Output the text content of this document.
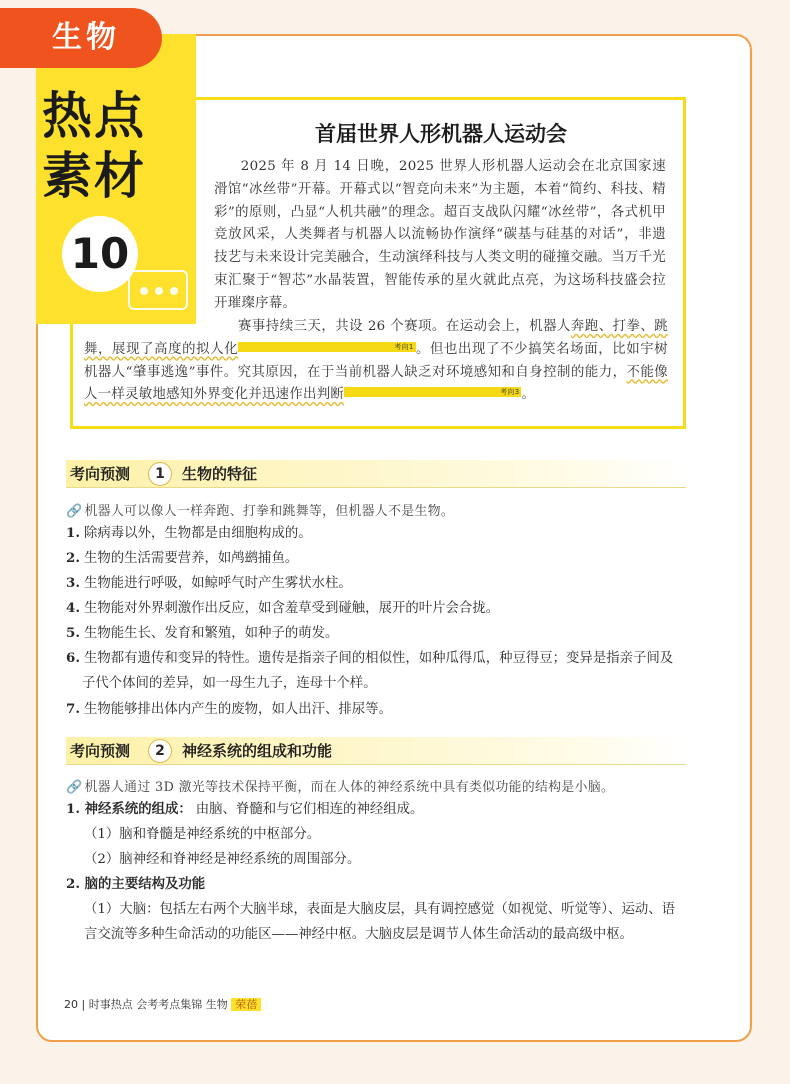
生物
热点
素材
10
首届世界人形机器人运动会
2025 年 8 月 14 日晚，2025 世界人形机器人运动会在北京国家速滑馆“冰丝带”开幕。开幕式以“智竞向未来”为主题，本着“简约、科技、精彩”的原则，凸显“人机共融”的理念。超百支战队闪耀“冰丝带”，各式机甲竞放风采，人类舞者与机器人以流畅协作演绎“碳基与硅基的对话”，非遗技艺与未来设计完美融合，生动演绎科技与人类文明的碰撞交融。当万千光束汇聚于“智芯”水晶装置，智能传承的星火就此点亮，为这场科技盛会拉开璀璨序幕。
赛事持续三天，共设 26 个赛项。在运动会上，机器人奔跑、打拳、跳舞，展现了高度的拟人化	考向1 。但也出现了不少搞笑名场面，比如宇树机器人“肇事逃逸”事件。究其原因，在于当前机器人缺乏对环境感知和自身控制的能力，不能像人一样灵敏地感知外界变化并迅速作出判断	考向3 。
考向预测	1	生物的特征
🔗 机器人可以像人一样奔跑、打拳和跳舞等，但机器人不是生物。
1. 除病毒以外，生物都是由细胞构成的。
2. 生物的生活需要营养，如鸬鹚捕鱼。
3. 生物能进行呼吸，如鲸呼气时产生雾状水柱。
4. 生物能对外界刺激作出反应，如含羞草受到碰触，展开的叶片会合拢。
5. 生物能生长、发育和繁殖，如种子的萌发。
6. 生物都有遗传和变异的特性。遗传是指亲子间的相似性，如种瓜得瓜，种豆得豆；变异是指亲子间及子代个体间的差异，如一母生九子，连母十个样。
7. 生物能够排出体内产生的废物，如人出汗、排尿等。
考向预测	2	神经系统的组成和功能
🔗 机器人通过 3D 激光等技术保持平衡，而在人体的神经系统中具有类似功能的结构是小脑。
1. 神经系统的组成： 由脑、脊髓和与它们相连的神经组成。
（1）脑和脊髓是神经系统的中枢部分。
（2）脑神经和脊神经是神经系统的周围部分。
2. 脑的主要结构及功能
（1）大脑：包括左右两个大脑半球，表面是大脑皮层，具有调控感觉（如视觉、听觉等）、运动、语言交流等多种生命活动的功能区——神经中枢。大脑皮层是调节人体生命活动的最高级中枢。
20 | 时事热点 会考考点集锦 生物 荣蓓
